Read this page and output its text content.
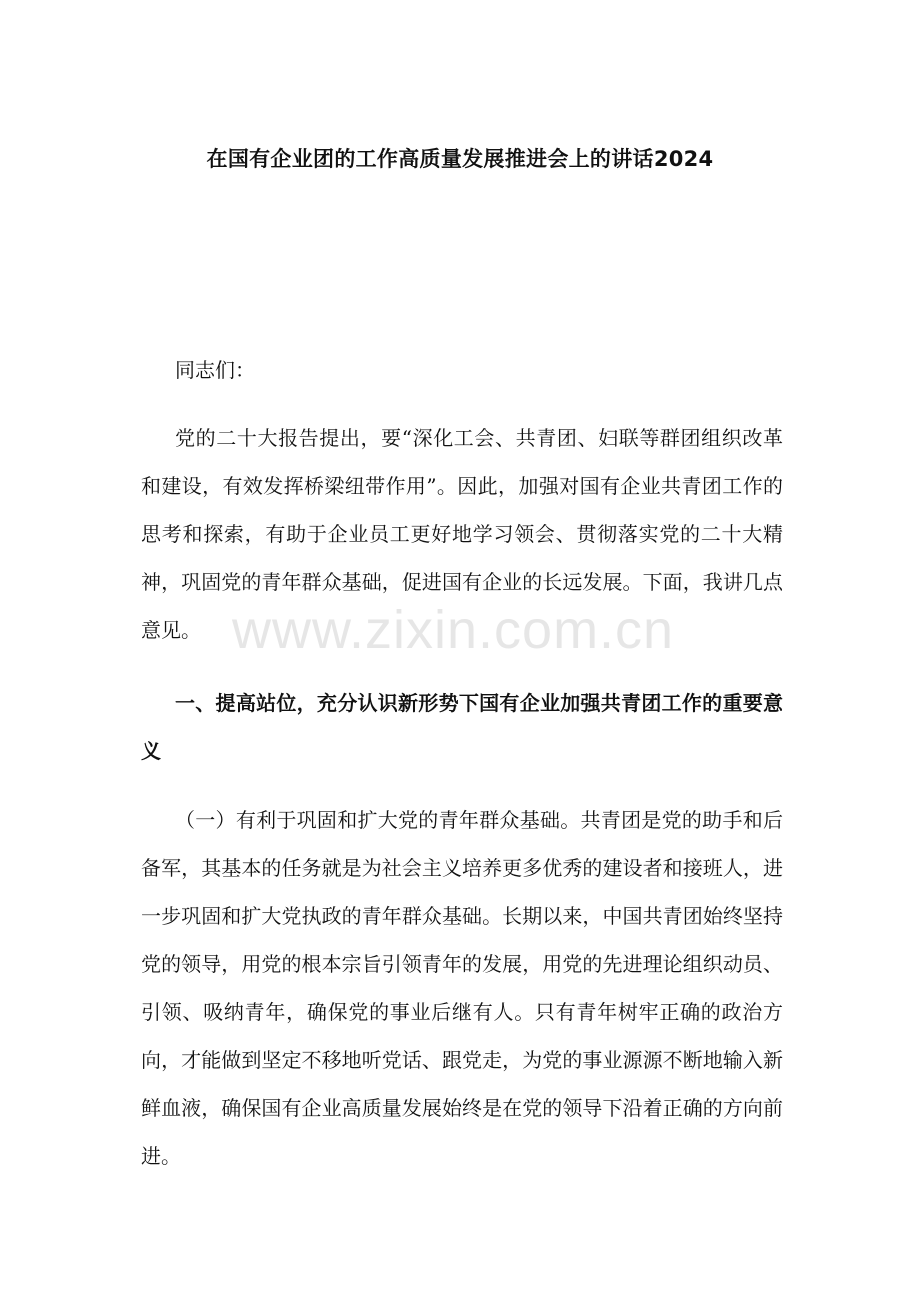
在国有企业团的工作高质量发展推进会上的讲话2024

同志们：

党的二十大报告提出，要“深化工会、共青团、妇联等群团组织改革和建设，有效发挥桥梁纽带作用”。因此，加强对国有企业共青团工作的思考和探索，有助于企业员工更好地学习领会、贯彻落实党的二十大精神，巩固党的青年群众基础，促进国有企业的长远发展。下面，我讲几点意见。

一、提高站位，充分认识新形势下国有企业加强共青团工作的重要意义

（一）有利于巩固和扩大党的青年群众基础。共青团是党的助手和后备军，其基本的任务就是为社会主义培养更多优秀的建设者和接班人，进一步巩固和扩大党执政的青年群众基础。长期以来，中国共青团始终坚持党的领导，用党的根本宗旨引领青年的发展，用党的先进理论组织动员、引领、吸纳青年，确保党的事业后继有人。只有青年树牢正确的政治方向，才能做到坚定不移地听党话、跟党走，为党的事业源源不断地输入新鲜血液，确保国有企业高质量发展始终是在党的领导下沿着正确的方向前进。

www.zixin.com.cn
